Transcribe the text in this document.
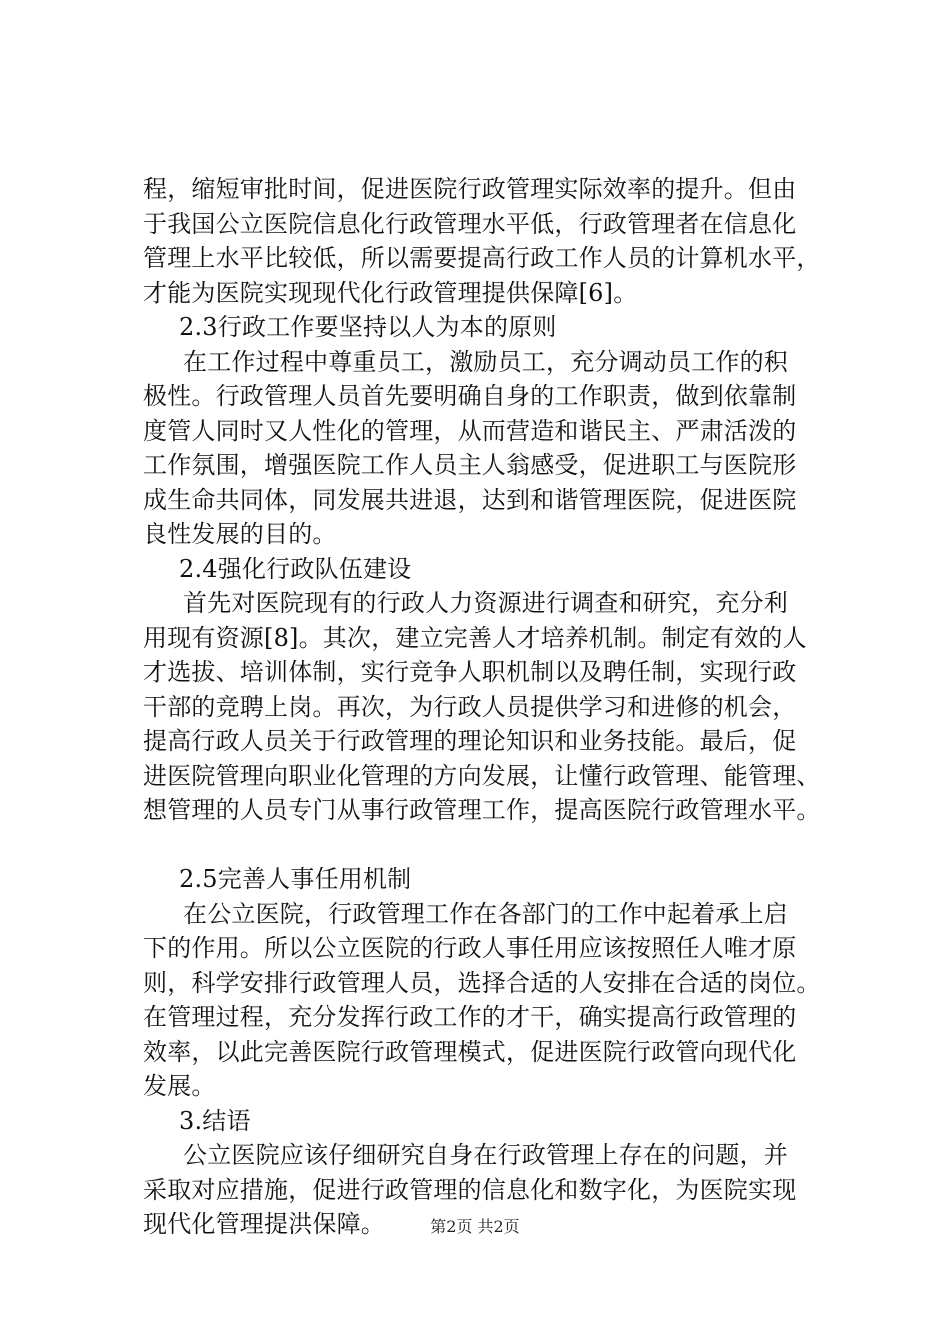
程，缩短审批时间，促进医院行政管理实际效率的提升。但由
于我国公立医院信息化行政管理水平低，行政管理者在信息化
管理上水平比较低，所以需要提高行政工作人员的计算机水平，
才能为医院实现现代化行政管理提供保障[6]。
2.3行政工作要坚持以人为本的原则
在工作过程中尊重员工，激励员工，充分调动员工作的积
极性。行政管理人员首先要明确自身的工作职责，做到依靠制
度管人同时又人性化的管理，从而营造和谐民主、严肃活泼的
工作氛围，增强医院工作人员主人翁感受，促进职工与医院形
成生命共同体，同发展共进退，达到和谐管理医院，促进医院
良性发展的目的。
2.4强化行政队伍建设
首先对医院现有的行政人力资源进行调查和研究，充分利
用现有资源[8]。其次，建立完善人才培养机制。制定有效的人
才选拔、培训体制，实行竞争人职机制以及聘任制，实现行政
干部的竞聘上岗。再次，为行政人员提供学习和进修的机会，
提高行政人员关于行政管理的理论知识和业务技能。最后，促
进医院管理向职业化管理的方向发展，让懂行政管理、能管理、
想管理的人员专门从事行政管理工作，提高医院行政管理水平。
2.5完善人事任用机制
在公立医院，行政管理工作在各部门的工作中起着承上启
下的作用。所以公立医院的行政人事任用应该按照任人唯才原
则，科学安排行政管理人员，选择合适的人安排在合适的岗位。
在管理过程，充分发挥行政工作的才干，确实提高行政管理的
效率，以此完善医院行政管理模式，促进医院行政管向现代化
发展。
3.结语
公立医院应该仔细研究自身在行政管理上存在的问题，并
采取对应措施，促进行政管理的信息化和数字化，为医院实现
现代化管理提洪保障。	第2页 共2页
